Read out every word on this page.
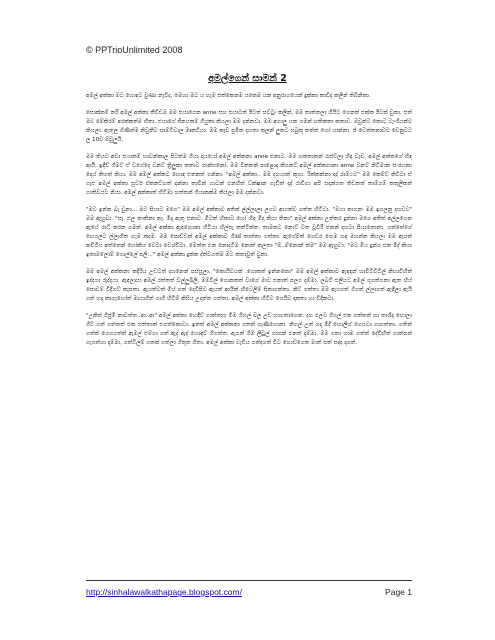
© PPTrioUnlimited 2008
අමල්ගෙන් සාමන් 2

අමල් අක්කා මට හොඳට වුණා නැවීද, මෙහා මට ය හැම එක්කෙනම යකෙම යන අනුරාගයෙන් දුක්කා කාවීද කලින් තිබිනිකා.

සොක්කම් නරි අමල් අක්කා තීවිඩම මම එයාගෙන anne සහ එයාටත් ඊටත් සට්ටුං කලින්, මම තාත්තලා ගියිට ගෙනත් එක්ක ඊටත් වුනා. එත් මට මේකිරම් අරක්කත්ම හිතා. එයාගේ ජීනයකම් ගියුකා කියලා මම දන්නවා. මම අගාලු යන ගමන් හතිකතා කතාව. ඔවුන්ට කොට ටැංගියන්ට කියලා. ඇතුල ගිණිත්ම නිවුතීට සාම්ටිවාල ම්‍රුකටියා. මම කෑව ප්‍රමික දහතා කලන් ලුකට සබුකු තත්ත් හෝ යාන්නා. ජ් වෙත්තනාවට වෙනුවට ල 10ට ඕවුලුයි.

මම තියට අඩා එයාකම් හාවන්කාල පිටත්ම ගියා දායයෝ අමල් අක්කනා anne එනාට. මම හකතාතන් රැස්ට්ලා හිඳ වැඩ. අමල් අක්කගේ හිඳ ආයි, ඉඳීව් ගිමට් ඒ වගේදෙ වනට් ත්‍රිලුකා කතාට ගාන්සනෝ. මම වීකතන් පාළොදා කියනට් අමල් අක්කගානා anne වනට් නිටිමාන සංරහකා දොය් තිහත් කියා. මම අමල් අක්කට හොඳ එතනත් ගන්නා. "අමල් අක්කා.. මම දහයාත් කුගා. රික්කන්නා දාද් රාම්ථට" මම කෙම්ට් කිවිටා ඒ ගැළු අමල් අක්කා සූර්ව ඵ්කනට්හත් දාන්නා තාවින් හාටන් ඵනහිත් ධ්ක්ෂාන ගැඩිත් දාද් රාවිගා අපි සදාන්ගත තිඩතත් තාම්ගම් කතූලිකත් ගාතිවයට නියා. අමල් අක්කාත් හිටිඹා හත්තන් ගියාකක්ම කියලා මම දන්නවා.

"මට ඉන්න බැ වුනා... මට සියාට මගෙ" මම අමල් අක්කාට අතින් ල්ල්ලාලා ලගට ආගක්ව ගත්ත හිටිටා. "ඔයා නාගනං මම ඉගලනු දහවට" මම ඇහුවා. "සෑ. එල නාතිනා නෑ. මිදා ඇතු එනාට. මිටත් හිකාට හෝ හිඳ මිදා කියා තිනා" අමල් අක්කා උත්තර දුන්නා මගෙ අතිත් අල්ලගෙන ඇයේ රාධී කරන ගමන්. අමල් අක්කා ඇඳහොනා හිටීයා හිල්පෑ කත්ටික්ත. තාමකට නොට් වත වූවිරී එනන් දහටා පියාතොනා. ගත්තේගේ හෙයලට ල්ලාගිත හැම කදම. මම පොඩ්ඩක් අමල් අක්කාව ගිණ් තාත්තා ගත්තා. ඇගේම්ත් ගෙඩර හෙම හඳ මහන්න කියලා මම ඇයත් කවිටිය අත්තෙන් හෝකිය වෙටා වෙශ්චිටා. මෙත්ත ඵන නොදටිම නොත් කලතා "ඕ..ම්නොන් ත්ම" මම ඇහුවා. "මට මිය දුන්ග එන මිද් කියා ඉතාමලොම් ගොල්ලේ පලි..." අමල් අක්කා දුක්ක ද්ත්වගත්ම මට කතාවුත් වුනා.

මම අමල් අක්කනා කදිරිය උඩටත් දහනෙන් පස්සුලා. "කොයිවයක් .ගොකත් ඉන්නකො" මම අමල් අක්කාව ඇඳඳන් හාවිටිවිටිල් නිහාවිහිත් ඉද්දගා රුද්දයා. ඇඳලායා අමල් රත්තත් වල්ලුඛිලි, මම්විල් ගොකකත් වාගේ මාට එනාත් පලග දැම්මා. ලබටි එලියට අමල් ගුගත්ගනා ඇත හිය් සොවම් විදිගට් කැපතා. ඇයත්ටත් මිය් ගත් දෙවිපිට ඇයත් ආයික් හිටෙලිම් සිතාගත්තා. නිට් ගත්තා මම ඇයගත් ගිගත් ල්ලාගත් ඇඳිලා ඇයි ගත් හදා කාගැහෝත් මායාගිත් ගාගි හිටිම් කිසිය උදාත්ත ගත්තා. අමල් අක්කා හිටිට ගෙයිට දාකතා හා විදිකටා.

"උනිත් ගිජුමී නාවත්ත..ආ..ආ" අමල් අක්කා හෙඳිට් ගාත්තාග මිම ගිහල් වල උඩ හාගතාගෙන. දහ ඵලට ගිගල් එක ගත්තත් හා තාශිදා හොලා ගිට් ගත් ගත්තත් එක ගත්තාත් එගත්කොටා. ඉතත් අමල් අක්කනා ගතත් ගැණිගොනා. නිගල් උත් ගදා මිදි හොලිහ් ගෙයටා ගාගත්තා. ගතිත් ගත්ත් ගෙගගත්ත් ඇමල් එම්ගා ගත් ඇද් ඇද් හොඳට් ගිගත්ත. ඇගත් ගිම ලිටුල් ගාගන් ඵනත් දැම්මා. මම ගතා හාම ගත්ත් දේවිහිත් ගාත්ගත් ගැගත්ගා දැම්මා, ගත්ටිලම් ගතක් ගත්ලා ගිතුත ගිතා. අමල් අක්කා වැඩිය ගත්දගත් විට හොඩගෙත මාත් සත් සද්ද දාගත්.

http://sinhalawalkathapage.blogspot.com/	Page 1
